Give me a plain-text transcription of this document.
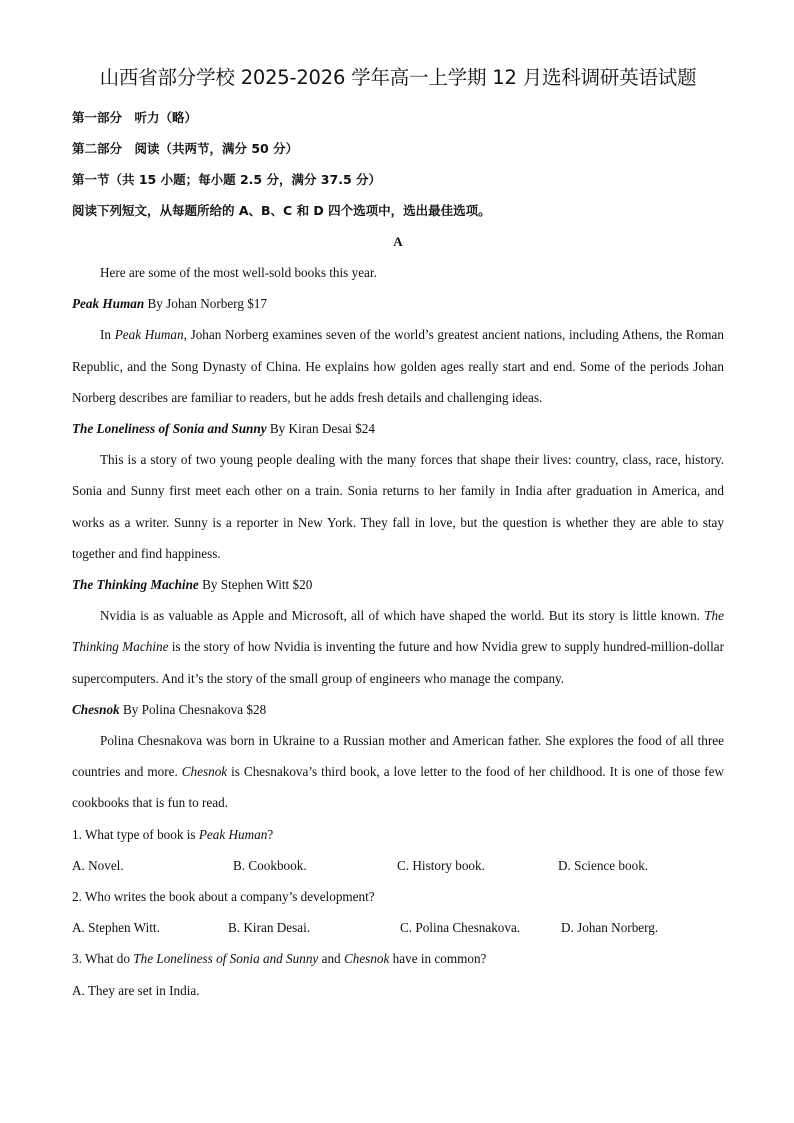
山西省部分学校 2025-2026 学年高一上学期 12 月选科调研英语试题

第一部分　听力（略）

第二部分　阅读（共两节，满分 50 分）

第一节（共 15 小题；每小题 2.5 分，满分 37.5 分）

阅读下列短文，从每题所给的 A、B、C 和 D 四个选项中，选出最佳选项。

A

Here are some of the most well-sold books this year.

Peak Human By Johan Norberg $17

In Peak Human, Johan Norberg examines seven of the world’s greatest ancient nations, including Athens, the Roman Republic, and the Song Dynasty of China. He explains how golden ages really start and end. Some of the periods Johan Norberg describes are familiar to readers, but he adds fresh details and challenging ideas.

The Loneliness of Sonia and Sunny By Kiran Desai $24

This is a story of two young people dealing with the many forces that shape their lives: country, class, race, history. Sonia and Sunny first meet each other on a train. Sonia returns to her family in India after graduation in America, and works as a writer. Sunny is a reporter in New York. They fall in love, but the question is whether they are able to stay together and find happiness.

The Thinking Machine By Stephen Witt $20

Nvidia is as valuable as Apple and Microsoft, all of which have shaped the world. But its story is little known. The Thinking Machine is the story of how Nvidia is inventing the future and how Nvidia grew to supply hundred-million-dollar supercomputers. And it’s the story of the small group of engineers who manage the company.

Chesnok By Polina Chesnakova $28

Polina Chesnakova was born in Ukraine to a Russian mother and American father. She explores the food of all three countries and more. Chesnok is Chesnakova’s third book, a love letter to the food of her childhood. It is one of those few cookbooks that is fun to read.

1. What type of book is Peak Human?

A. Novel.	B. Cookbook.	C. History book.	D. Science book.

2. Who writes the book about a company’s development?

A. Stephen Witt.	B. Kiran Desai.	C. Polina Chesnakova.	D. Johan Norberg.

3. What do The Loneliness of Sonia and Sunny and Chesnok have in common?

A. They are set in India.
